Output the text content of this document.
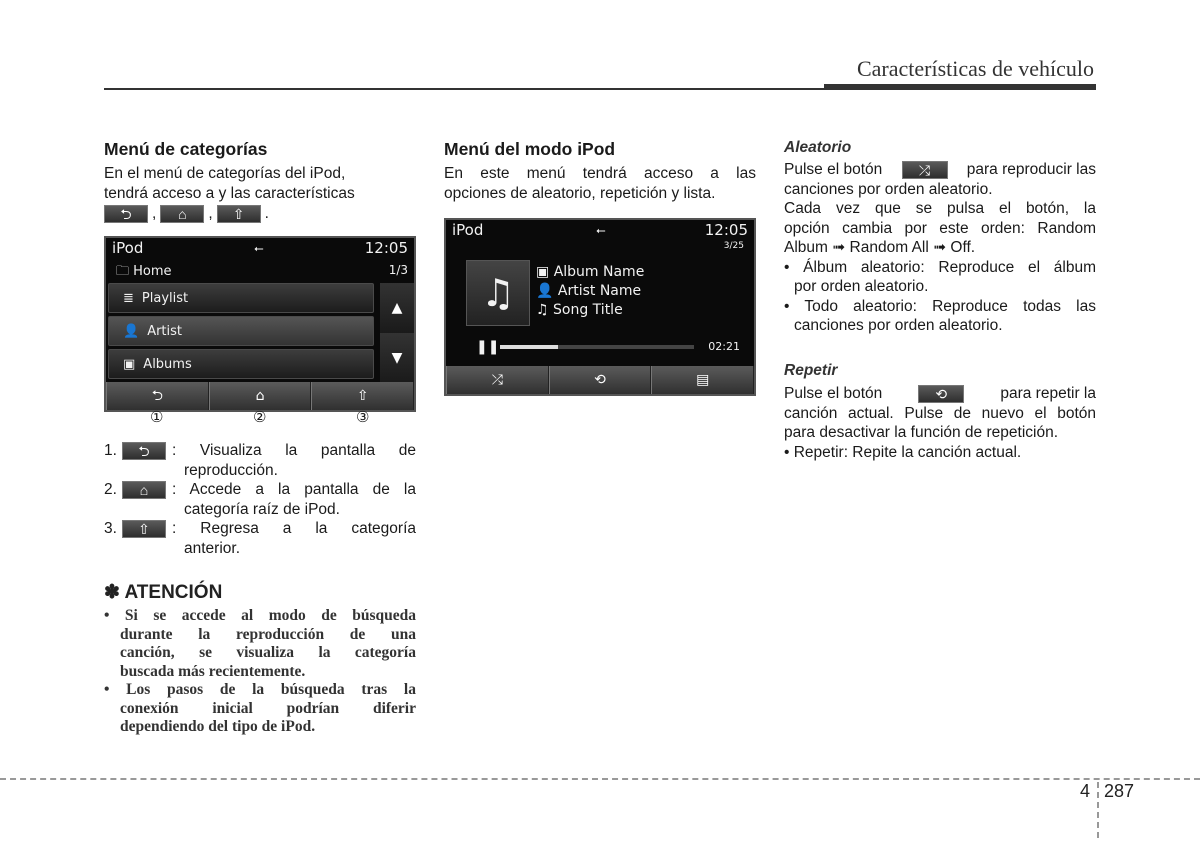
Características de vehículo
Menú de categorías
En el menú de categorías del iPod,
tendrá acceso a y las características
⮌ , ⌂ , ⇧ .
iPod	⭠	12:05
🗀 Home	1/3
≣ Playlist
👤 Artist
▣ Albums
▲
▼
⮌	⌂	⇧
①	②	③
1.	⮌ : Visualiza la pantalla de
reproducción.
2.	⌂ : Accede a la pantalla de la
categoría raíz de iPod.
3.	⇧ : Regresa a la categoría
anterior.
✽ ATENCIÓN
• Si se accede al modo de búsqueda
durante la reproducción de una
canción, se visualiza la categoría
buscada más recientemente.
• Los pasos de la búsqueda tras la
conexión inicial podrían diferir
dependiendo del tipo de iPod.
Menú del modo iPod
En este menú tendrá acceso a las
opciones de aleatorio, repetición y lista.
iPod	⭠	12:05
3/25
♫ ▣ Album Name
👤 Artist Name
♫ Song Title
❚❚	02:21
⤮	⟲	▤
Aleatorio
Pulse el botón	⤮ para reproducir las
canciones por orden aleatorio.
Cada vez que se pulsa el botón, la
opción cambia por este orden: Random
Album ➟ Random All ➟ Off.
• Álbum aleatorio: Reproduce el álbum
por orden aleatorio.
• Todo aleatorio: Reproduce todas las
canciones por orden aleatorio.
Repetir
Pulse el botón	⟲	para repetir la
canción actual. Pulse de nuevo el botón
para desactivar la función de repetición.
• Repetir: Repite la canción actual.
4 287
